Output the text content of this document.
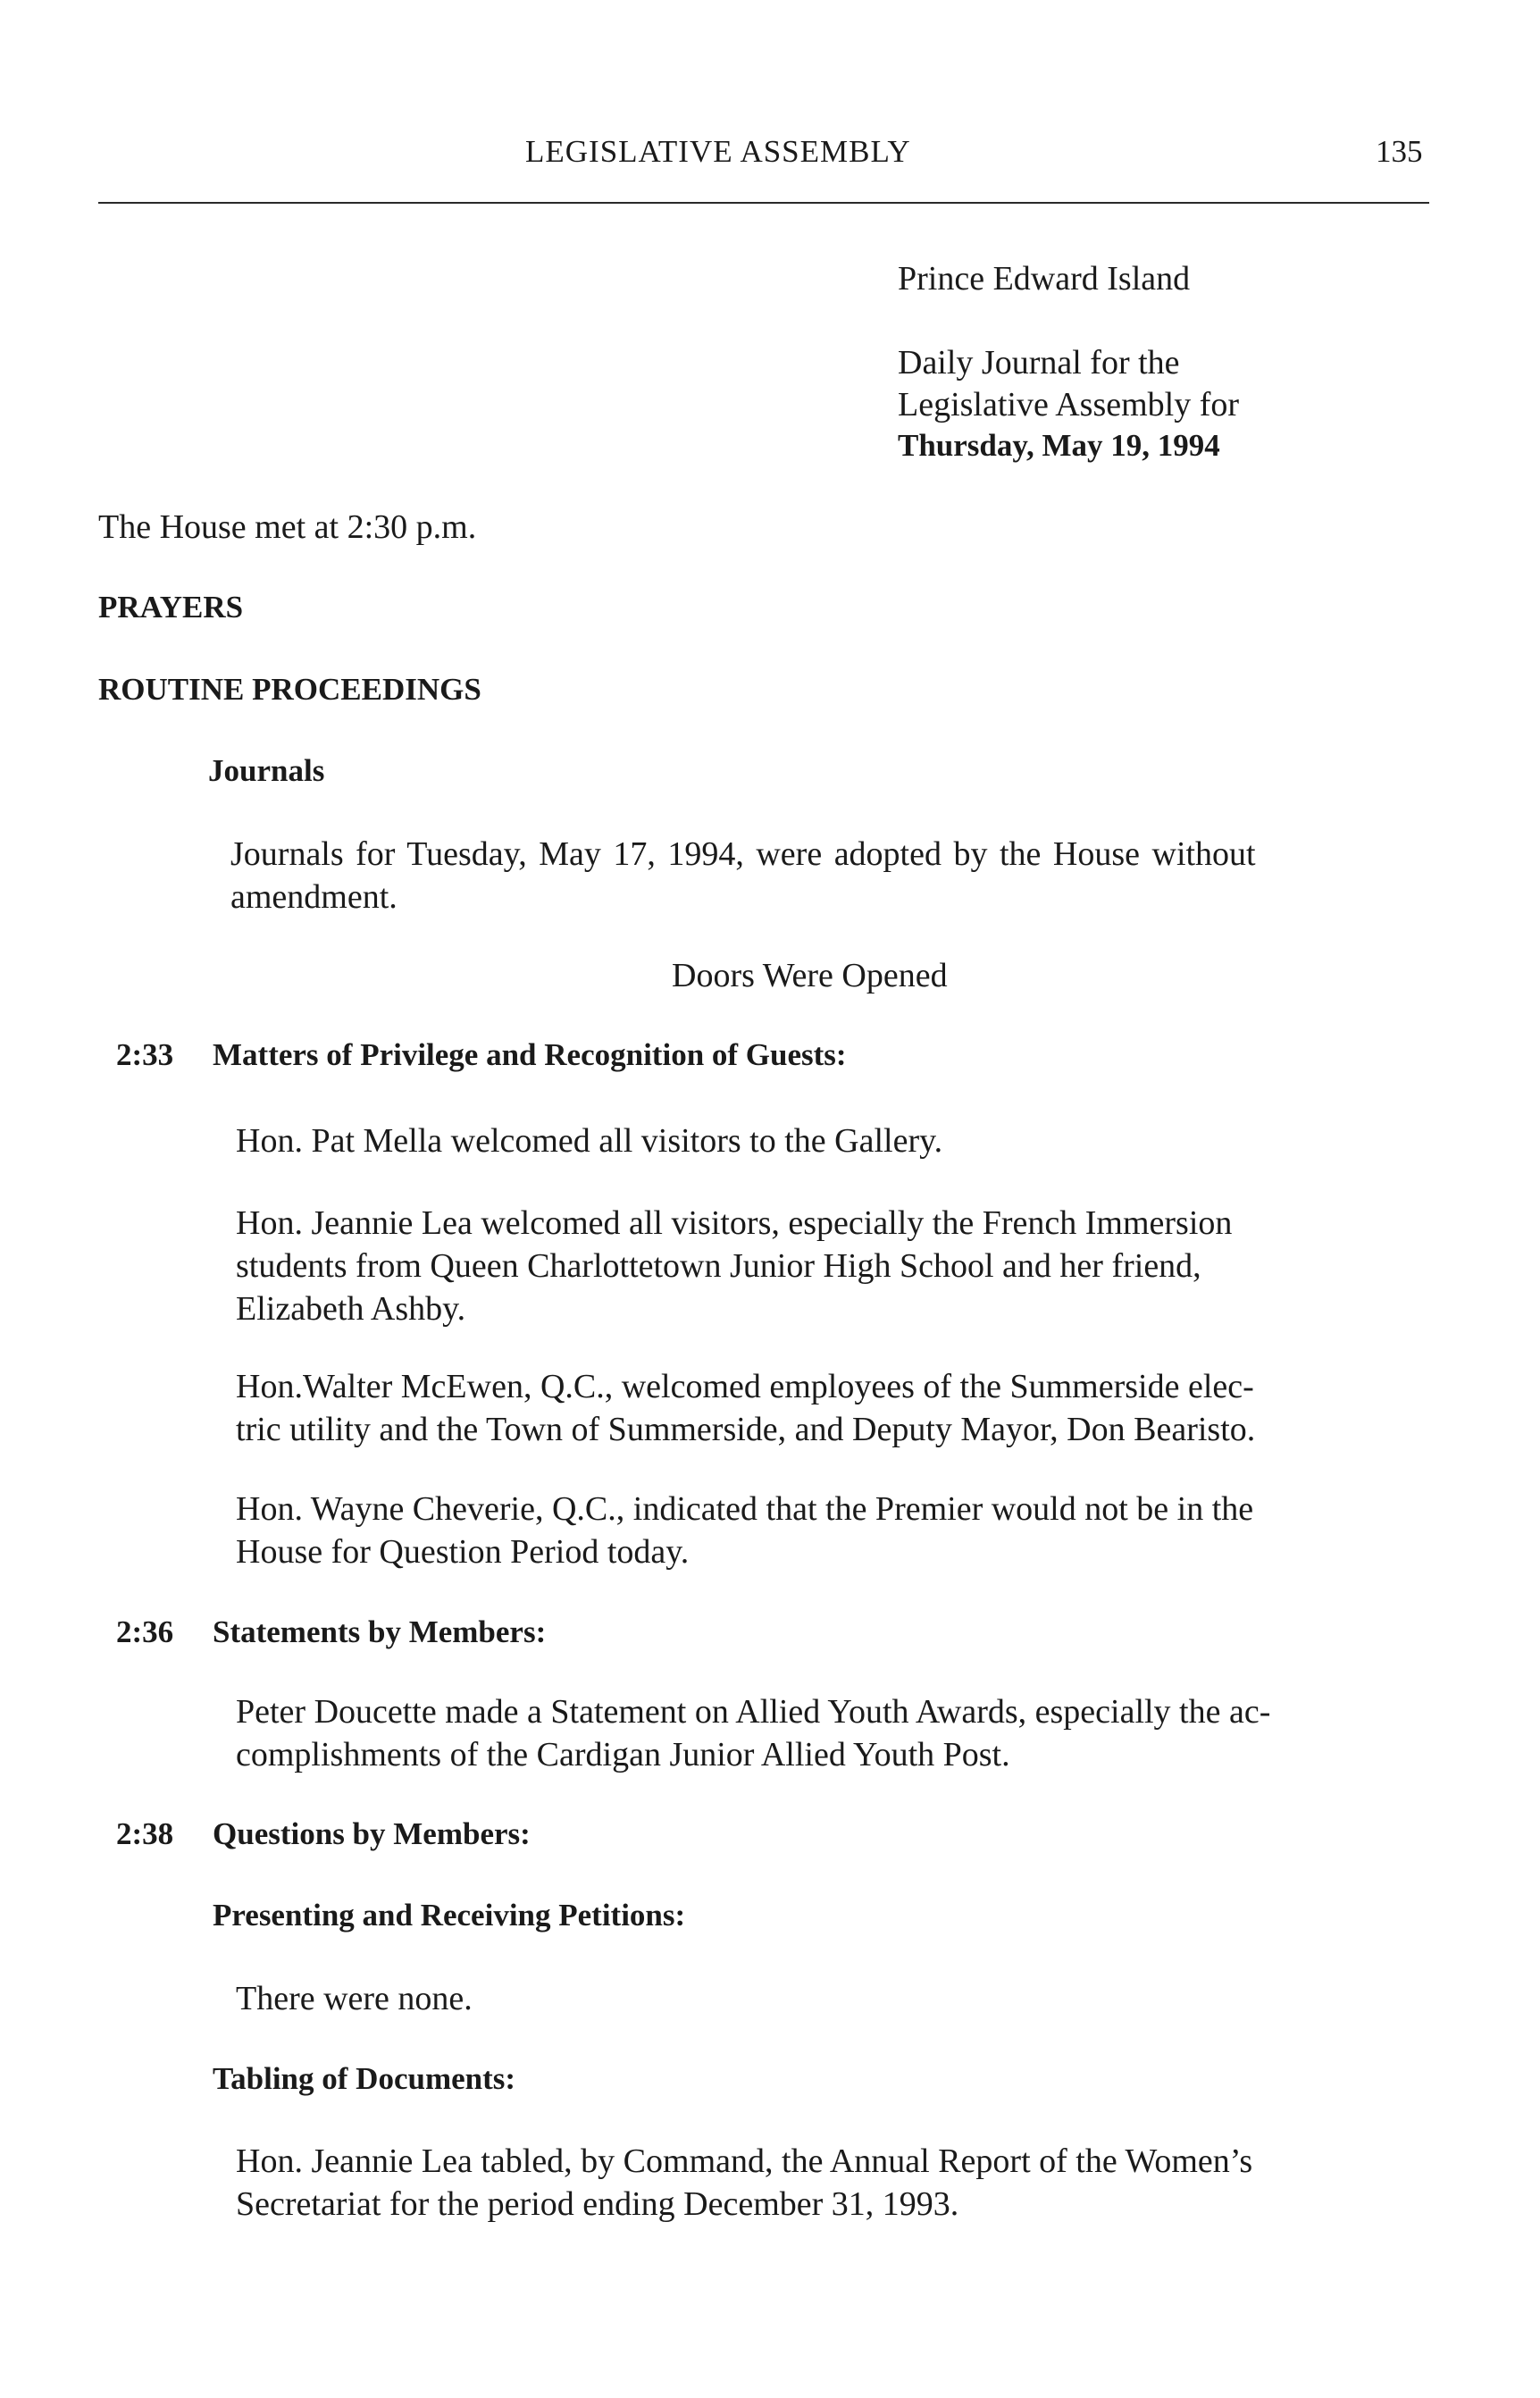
LEGISLATIVE ASSEMBLY	135
Prince Edward Island
Daily Journal for the
Legislative Assembly for
Thursday, May 19, 1994
The House met at 2:30 p.m.
PRAYERS
ROUTINE PROCEEDINGS
Journals
Journals for Tuesday, May 17, 1994, were adopted by the House without
amendment.
Doors Were Opened
2:33 Matters of Privilege and Recognition of Guests:
Hon. Pat Mella welcomed all visitors to the Gallery.
Hon. Jeannie Lea welcomed all visitors, especially the French Immersion
students from Queen Charlottetown Junior High School and her friend,
Elizabeth Ashby.
Hon.Walter McEwen, Q.C., welcomed employees of the Summerside elec-
tric utility and the Town of Summerside, and Deputy Mayor, Don Bearisto.
Hon. Wayne Cheverie, Q.C., indicated that the Premier would not be in the
House for Question Period today.
2:36 Statements by Members:
Peter Doucette made a Statement on Allied Youth Awards, especially the ac-
complishments of the Cardigan Junior Allied Youth Post.
2:38 Questions by Members:
Presenting and Receiving Petitions:
There were none.
Tabling of Documents:
Hon. Jeannie Lea tabled, by Command, the Annual Report of the Women’s
Secretariat for the period ending December 31, 1993.
